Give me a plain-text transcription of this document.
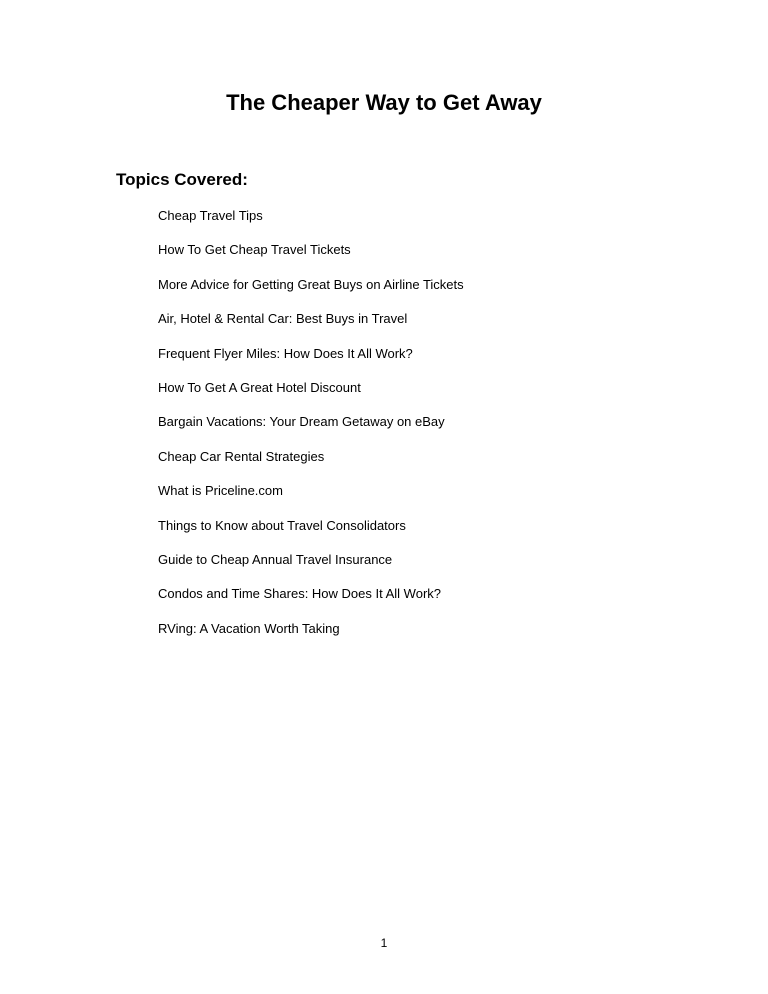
The Cheaper Way to Get Away
Topics Covered:
Cheap Travel Tips
How To Get Cheap Travel Tickets
More Advice for Getting Great Buys on Airline Tickets
Air, Hotel & Rental Car: Best Buys in Travel
Frequent Flyer Miles: How Does It All Work?
How To Get A Great Hotel Discount
Bargain Vacations: Your Dream Getaway on eBay
Cheap Car Rental Strategies
What is Priceline.com
Things to Know about Travel Consolidators
Guide to Cheap Annual Travel Insurance
Condos and Time Shares: How Does It All Work?
RVing: A Vacation Worth Taking
1
